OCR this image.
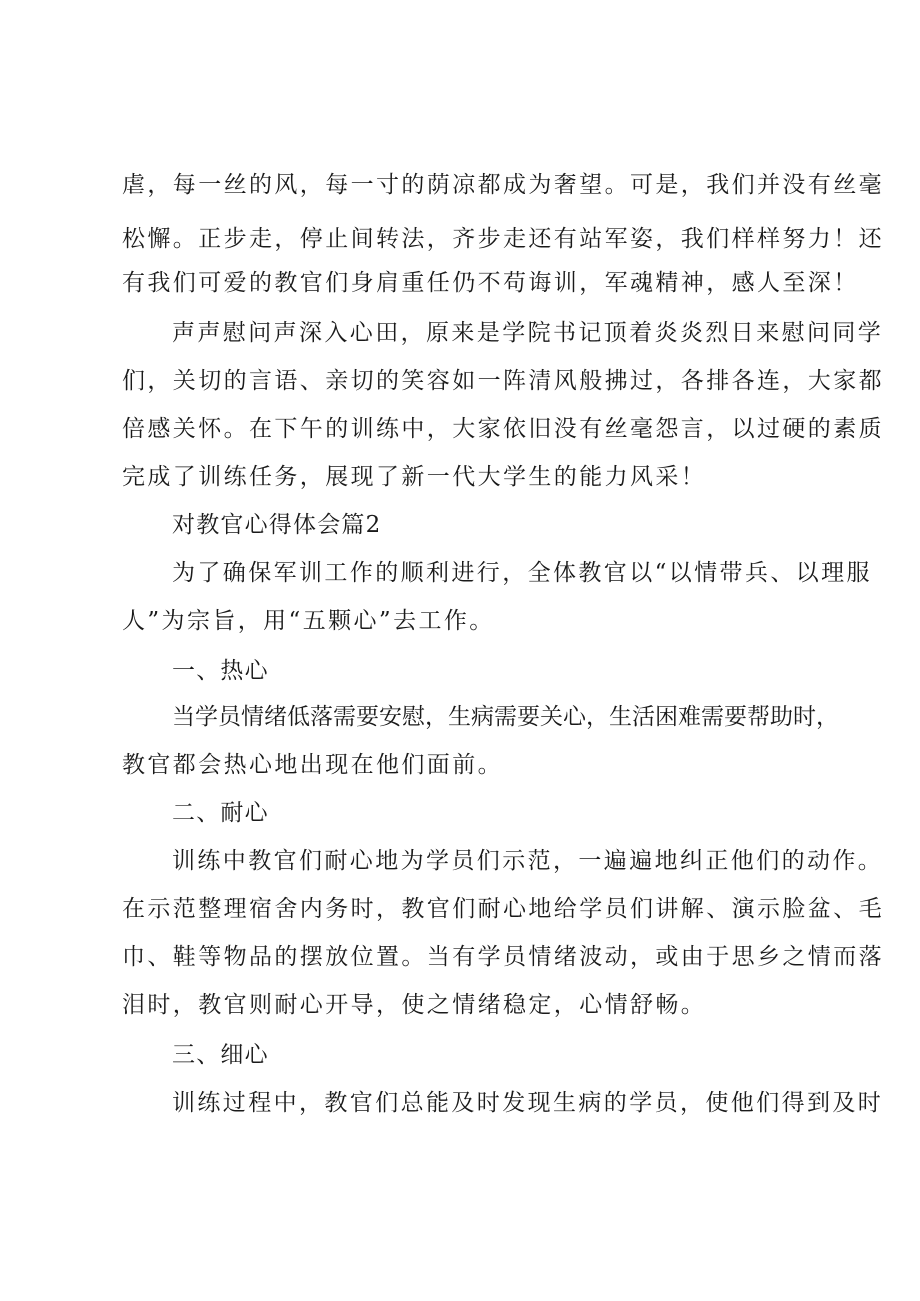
虐，每一丝的风，每一寸的荫凉都成为奢望。可是，我们并没有丝毫

松懈。正步走，停止间转法，齐步走还有站军姿，我们样样努力！还

有我们可爱的教官们身肩重任仍不苟诲训，军魂精神，感人至深！

声声慰问声深入心田，原来是学院书记顶着炎炎烈日来慰问同学

们，关切的言语、亲切的笑容如一阵清风般拂过，各排各连，大家都

倍感关怀。在下午的训练中，大家依旧没有丝毫怨言，以过硬的素质

完成了训练任务，展现了新一代大学生的能力风采！

对教官心得体会篇2

为了确保军训工作的顺利进行，全体教官以“以情带兵、以理服

人”为宗旨，用“五颗心”去工作。

一、热心

当学员情绪低落需要安慰，生病需要关心，生活困难需要帮助时，

教官都会热心地出现在他们面前。

二、耐心

训练中教官们耐心地为学员们示范，一遍遍地纠正他们的动作。

在示范整理宿舍内务时，教官们耐心地给学员们讲解、演示脸盆、毛

巾、鞋等物品的摆放位置。当有学员情绪波动，或由于思乡之情而落

泪时，教官则耐心开导，使之情绪稳定，心情舒畅。

三、细心

训练过程中，教官们总能及时发现生病的学员，使他们得到及时
